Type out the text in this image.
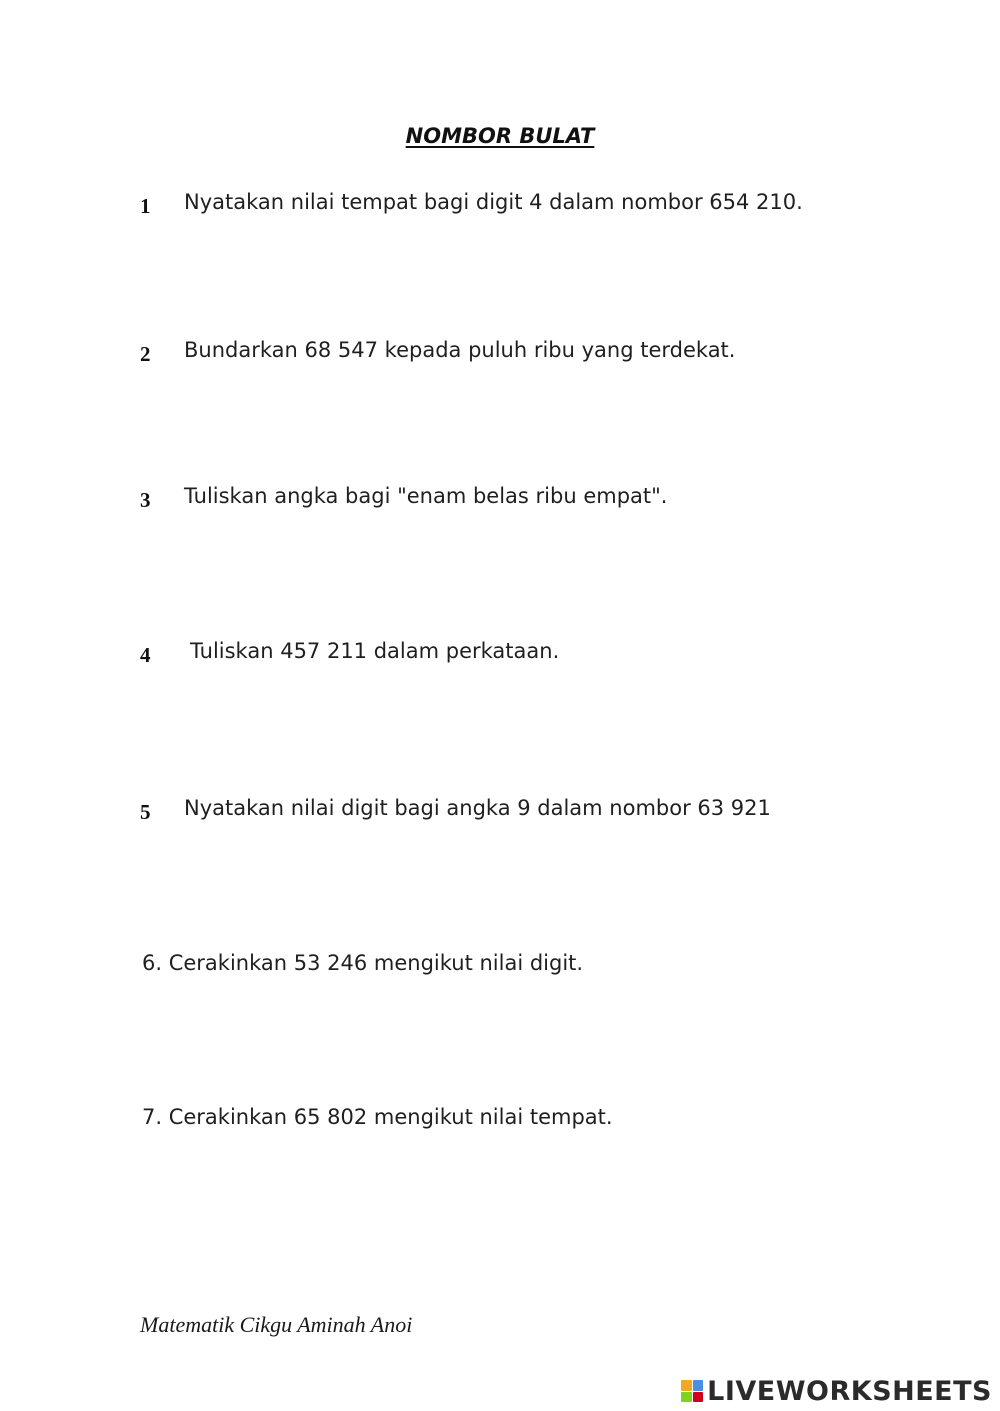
NOMBOR BULAT
1 Nyatakan nilai tempat bagi digit 4 dalam nombor 654 210.
2 Bundarkan 68 547 kepada puluh ribu yang terdekat.
3 Tuliskan angka bagi "enam belas ribu empat".
4 Tuliskan 457 211 dalam perkataan.
5 Nyatakan nilai digit bagi angka 9 dalam nombor 63 921
6. Cerakinkan 53 246 mengikut nilai digit.
7. Cerakinkan 65 802 mengikut nilai tempat.
Matematik Cikgu Aminah Anoi
LIVEWORKSHEETS
